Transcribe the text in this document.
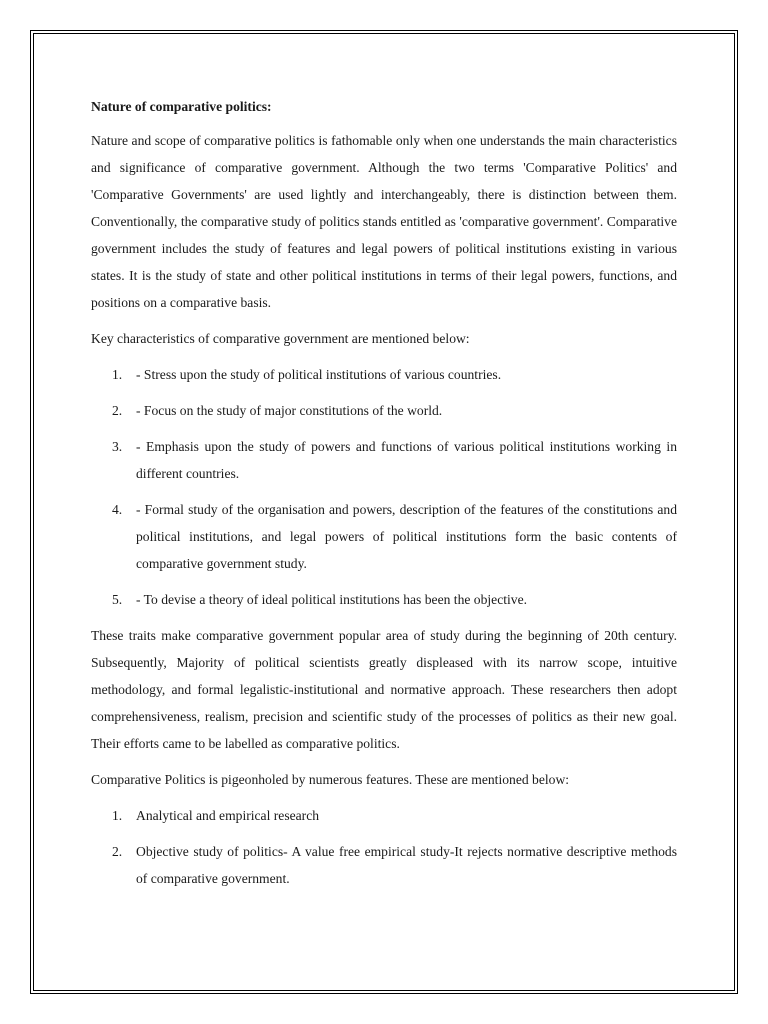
Nature of comparative politics:

Nature and scope of comparative politics is fathomable only when one understands the main characteristics and significance of comparative government. Although the two terms 'Comparative Politics' and 'Comparative Governments' are used lightly and interchangeably, there is distinction between them. Conventionally, the comparative study of politics stands entitled as 'comparative government'. Comparative government includes the study of features and legal powers of political institutions existing in various states. It is the study of state and other political institutions in terms of their legal powers, functions, and positions on a comparative basis.

Key characteristics of comparative government are mentioned below:

1. - Stress upon the study of political institutions of various countries.
2. - Focus on the study of major constitutions of the world.
3. - Emphasis upon the study of powers and functions of various political institutions working in different countries.
4. - Formal study of the organisation and powers, description of the features of the constitutions and political institutions, and legal powers of political institutions form the basic contents of comparative government study.
5. - To devise a theory of ideal political institutions has been the objective.

These traits make comparative government popular area of study during the beginning of 20th century. Subsequently, Majority of political scientists greatly displeased with its narrow scope, intuitive methodology, and formal legalistic-institutional and normative approach. These researchers then adopt comprehensiveness, realism, precision and scientific study of the processes of politics as their new goal. Their efforts came to be labelled as comparative politics.

Comparative Politics is pigeonholed by numerous features. These are mentioned below:

1. Analytical and empirical research
2. Objective study of politics- A value free empirical study-It rejects normative descriptive methods of comparative government.
